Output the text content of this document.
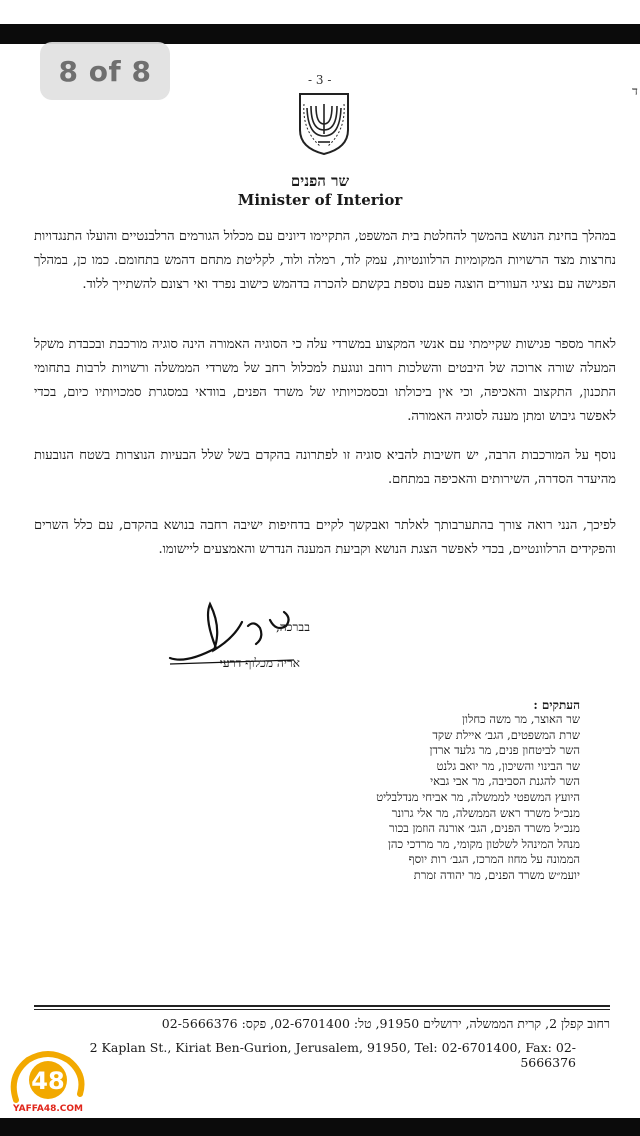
8 of 8	- 3 -
ד
שר הפנים
Minister of Interior

במהלך בחינת הנושא בהמשך להחלטת בית המשפט, התקיימו דיונים עם מכלול הגורמים הרלבנטיים והועלו התנגדויות נחרצות מצד הרשויות המקומיות הרלוונטיות, עמק לוד, רמלה ולוד, לקליטת מתחם דהמש בתחומם. כמו כן, במהלך הפגישה עם נציגי העוורים הוצגה פעם נוספת בקשתם להכרה בדהמש כישוב נפרד ואי רצונם להשתייך ללוד.

לאחר מספר פגישות שקיימתי עם אנשי המקצוע במשרדי עלה כי הסוגיה האמורה הינה סוגיה מורכבת ובכבדת משקל המעלה שורה ארוכה של היבטים והשלכות רוחב ונוגעת למכלול רחב של משרדי הממשלה ורשויות לרבות בתחומי התכנון, התקצוב והאכיפה, וכי אין ביכולתו ובסמכויותיו של משרד הפנים, בוודאי במסגרת סמכויותיו כיום, בכדי לאפשר גיבוש ומתן מענה לסוגיה האמורה.

נוסף על המורכבות הרבה, יש חשיבות להביא סוגיה זו לפתרונה בהקדם בשל שלל הבעיות הנוצרות בשטח הנובעות מהיעדר הסדרה, השירותים והאכיפה במתחם.

לפיכך, הנני רואה צורך בהתערבותך לאלתר ואבקשך לקיים בדחיפות ישיבה רחבה בנושא בהקדם, עם כלל השרים והפקידים הרלוונטיים, בכדי לאפשר הצגת הנושא וקביעת המענה הנדרש והאמצעים ליישומו.

בברכה,
אריה מכלוף דרעי
העתקים :
שר האוצר, מר משה כחלון
שרת המשפטים, הגב׳ איילת שקד
השר לביטחון פנים, מר גלעד ארדן
שר הבינוי והשיכון, מר יואב גלנט
השר להגנת הסביבה, מר אבי גבאי
היועץ המשפטי לממשלה, מר אביחי מנדלבליט
מנכ״ל משרד ראש הממשלה, מר אלי גרונר
מנכ״ל משרד הפנים, הגב׳ אורנה הוזמן בכור
מנהל המינהל לשלטון מקומי, מר מרדכי כהן
הממונה על מחוז המרכז, הגב׳ רות יוסף
יועמ״ש משרד הפנים, מר יהודה זמרת
רחוב קפלן 2, קרית הממשלה, ירושלים 91950, טל: 02-6701400, פקס: 02-5666376
2 Kaplan St., Kiriat Ben-Gurion, Jerusalem, 91950, Tel: 02-6701400, Fax: 02-5666376
48
YAFFA48.COM
